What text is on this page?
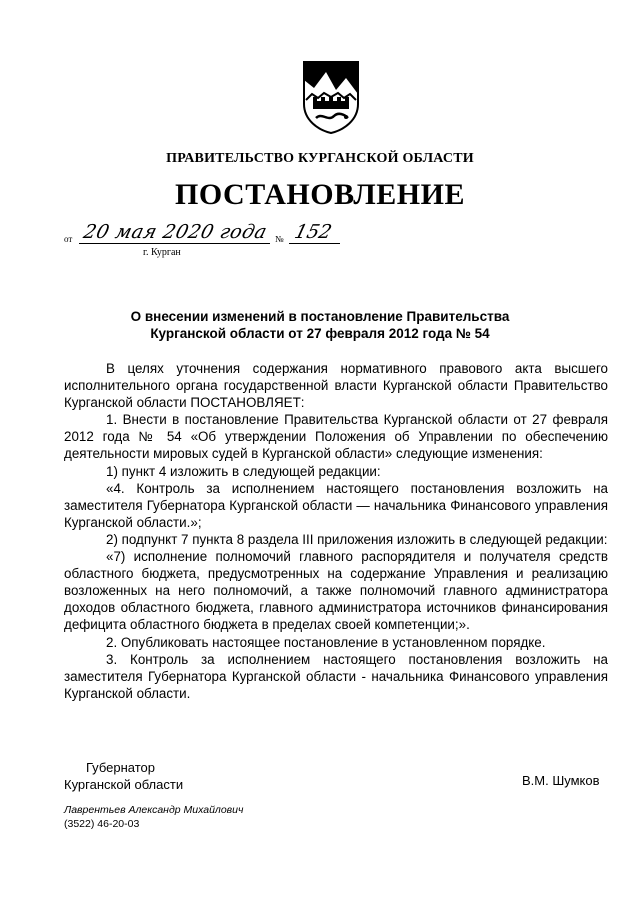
ПРАВИТЕЛЬСТВО КУРГАНСКОЙ ОБЛАСТИ
ПОСТАНОВЛЕНИЕ
от 20 мая 2020 года № 152
г. Курган
О внесении изменений в постановление Правительства
Курганской области от 27 февраля 2012 года № 54

В целях уточнения содержания нормативного правового акта высшего исполнительного органа государственной власти Курганской области Правительство Курганской области ПОСТАНОВЛЯЕТ:

1. Внести в постановление Правительства Курганской области от 27 февраля 2012 года № 54 «Об утверждении Положения об Управлении по обеспечению деятельности мировых судей в Курганской области» следующие изменения:

1) пункт 4 изложить в следующей редакции:

«4. Контроль за исполнением настоящего постановления возложить на заместителя Губернатора Курганской области — начальника Финансового управления Курганской области.»;

2) подпункт 7 пункта 8 раздела III приложения изложить в следующей редакции:

«7) исполнение полномочий главного распорядителя и получателя средств областного бюджета, предусмотренных на содержание Управления и реализацию возложенных на него полномочий, а также полномочий главного администратора доходов областного бюджета, главного администратора источников финансирования дефицита областного бюджета в пределах своей компетенции;».

2. Опубликовать настоящее постановление в установленном порядке.

3. Контроль за исполнением настоящего постановления возложить на заместителя Губернатора Курганской области - начальника Финансового управления Курганской области.

Губернатор
Курганской области	В.М. Шумков
Лаврентьев Александр Михайлович
(3522) 46-20-03
